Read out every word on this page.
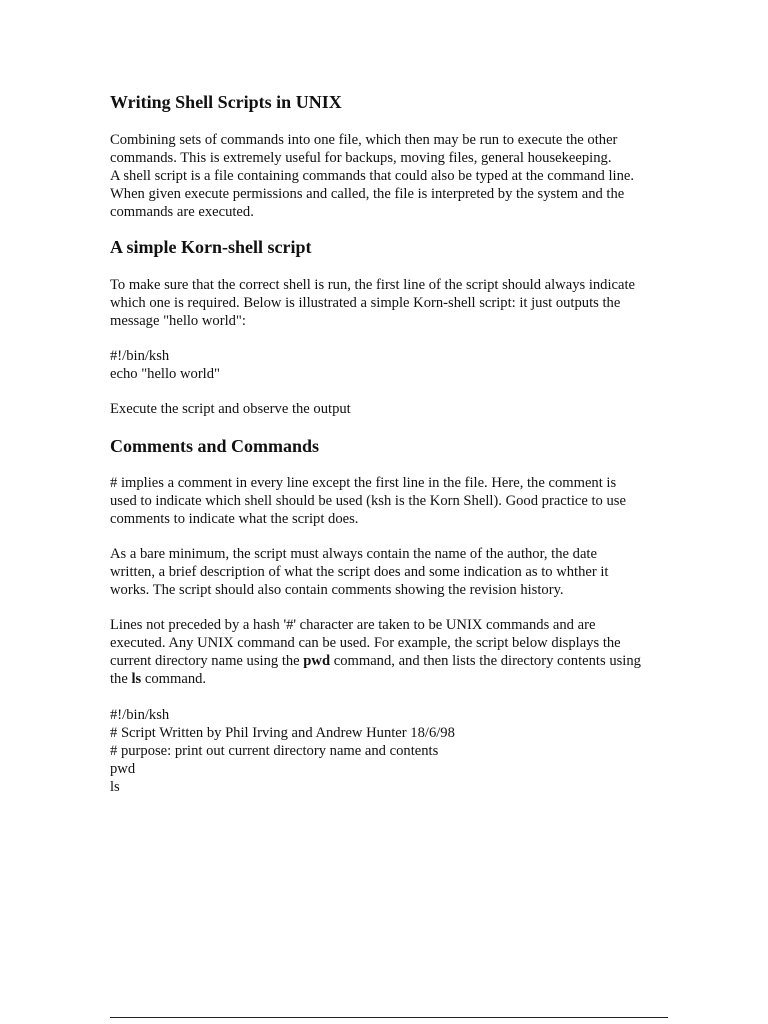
Writing Shell Scripts in UNIX
Combining sets of commands into one file, which then may be run to execute the other
commands. This is extremely useful for backups, moving files, general housekeeping.
A shell script is a file containing commands that could also be typed at the command line.
When given execute permissions and called, the file is interpreted by the system and the
commands are executed.
A simple Korn-shell script
To make sure that the correct shell is run, the first line of the script should always indicate
which one is required. Below is illustrated a simple Korn-shell script: it just outputs the
message "hello world":
#!/bin/ksh
echo "hello world"
Execute the script and observe the output
Comments and Commands
# implies a comment in every line except the first line in the file. Here, the comment is
used to indicate which shell should be used (ksh is the Korn Shell). Good practice to use
comments to indicate what the script does.
As a bare minimum, the script must always contain the name of the author, the date
written, a brief description of what the script does and some indication as to whther it
works. The script should also contain comments showing the revision history.
Lines not preceded by a hash '#' character are taken to be UNIX commands and are
executed. Any UNIX command can be used. For example, the script below displays the
current directory name using the pwd command, and then lists the directory contents using
the ls command.
#!/bin/ksh
# Script Written by Phil Irving and Andrew Hunter 18/6/98
# purpose: print out current directory name and contents
pwd
ls
